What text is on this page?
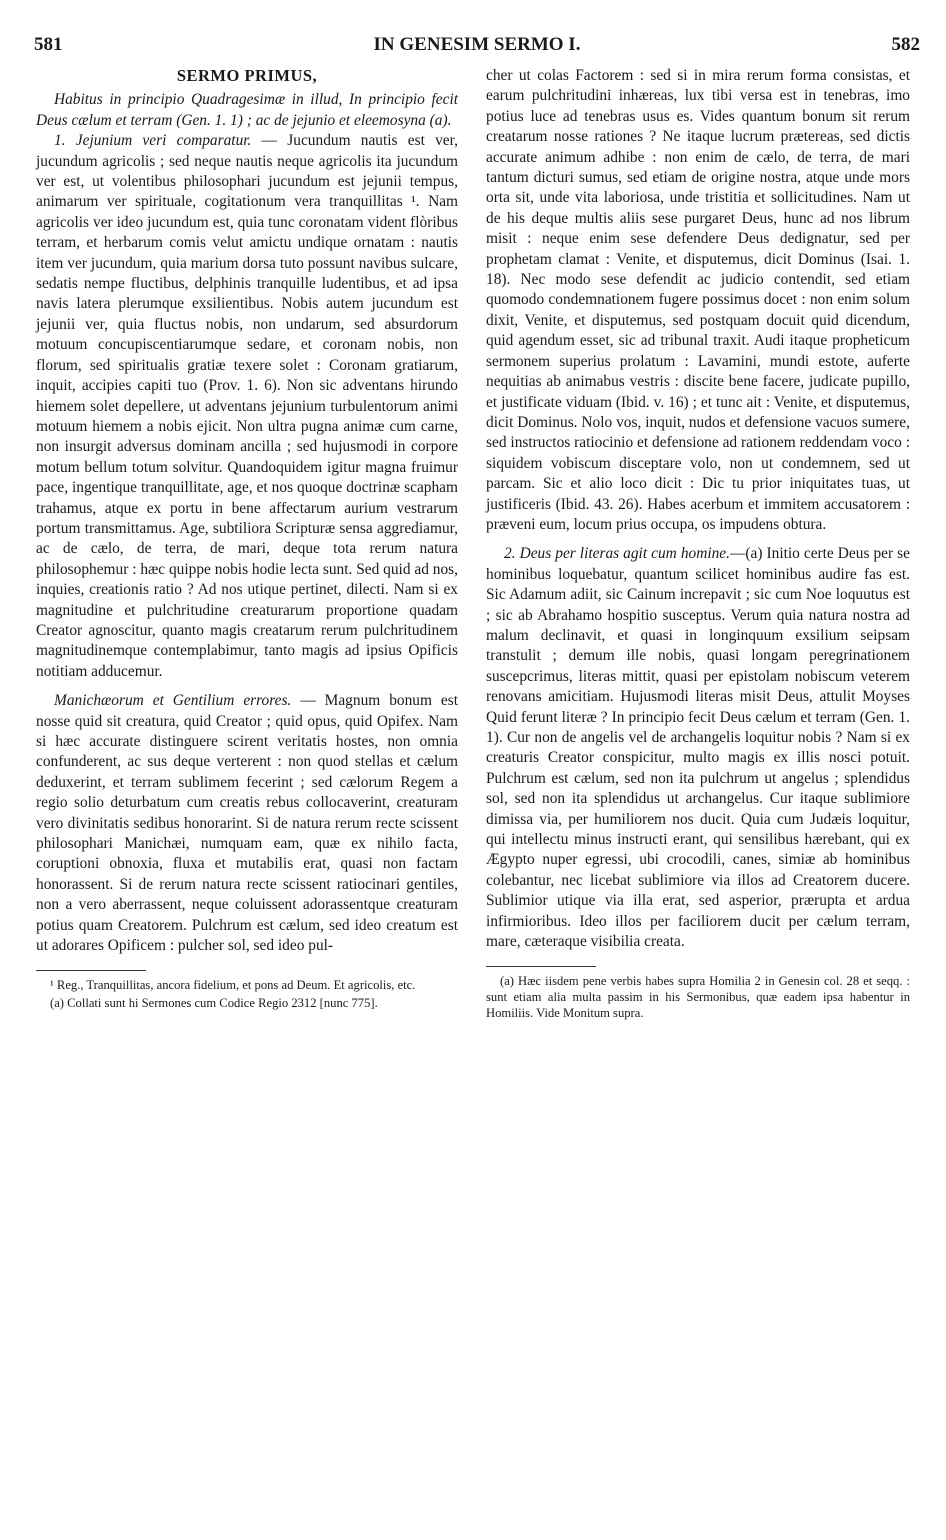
581	IN GENESIM SERMO I.	582
SERMO PRIMUS,

Habitus in principio Quadragesimæ in illud, In principio fecit Deus cælum et terram (Gen. 1. 1) ; ac de jejunio et eleemosyna (a).

1. Jejunium veri comparatur. — Jucundum nautis est ver, jucundum agricolis ; sed neque nautis neque agricolis ita jucundum ver est, ut volentibus philosophari jucundum est jejunii tempus, animarum ver spirituale, cogitationum vera tranquillitas ¹. Nam agricolis ver ideo jucundum est, quia tunc coronatam vident flòribus terram, et herbarum comis velut amictu undique ornatam : nautis item ver jucundum, quia marium dorsa tuto possunt navibus sulcare, sedatis nempe fluctibus, delphinis tranquille ludentibus, et ad ipsa navis latera plerumque exsilientibus. Nobis autem jucundum est jejunii ver, quia fluctus nobis, non undarum, sed absurdorum motuum concupiscentiarumque sedare, et coronam nobis, non florum, sed spiritualis gratiæ texere solet : Coronam gratiarum, inquit, accipies capiti tuo (Prov. 1. 6). Non sic adventans hirundo hiemem solet depellere, ut adventans jejunium turbulentorum animi motuum hiemem a nobis ejicit. Non ultra pugna animæ cum carne, non insurgit adversus dominam ancilla ; sed hujusmodi in corpore motum bellum totum solvitur. Quandoquidem igitur magna fruimur pace, ingentique tranquillitate, age, et nos quoque doctrinæ scapham trahamus, atque ex portu in bene affectarum aurium vestrarum portum transmittamus. Age, subtiliora Scripturæ sensa aggrediamur, ac de cælo, de terra, de mari, deque tota rerum natura philosophemur : hæc quippe nobis hodie lecta sunt. Sed quid ad nos, inquies, creationis ratio ? Ad nos utique pertinet, dilecti. Nam si ex magnitudine et pulchritudine creaturarum proportione quadam Creator agnoscitur, quanto magis creatarum rerum pulchritudinem magnitudinemque contemplabimur, tanto magis ad ipsius Opificis notitiam adducemur.

Manichæorum et Gentilium errores. — Magnum bonum est nosse quid sit creatura, quid Creator ; quid opus, quid Opifex. Nam si hæc accurate distinguere scirent veritatis hostes, non omnia confunderent, ac sus deque verterent : non quod stellas et cælum deduxerint, et terram sublimem fecerint ; sed cælorum Regem a regio solio deturbatum cum creatis rebus collocaverint, creaturam vero divinitatis sedibus honorarint. Si de natura rerum recte scissent philosophari Manichæi, numquam eam, quæ ex nihilo facta, coruptioni obnoxia, fluxa et mutabilis erat, quasi non factam honorassent. Si de rerum natura recte scissent ratiocinari gentiles, non a vero aberrassent, neque coluissent adorassentque creaturam potius quam Creatorem. Pulchrum est cælum, sed ideo creatum est ut adorares Opificem : pulcher sol, sed ideo pul-

¹ Reg., Tranquillitas, ancora fidelium, et pons ad Deum. Et agricolis, etc.

(a) Collati sunt hi Sermones cum Codice Regio 2312 [nunc 775].

cher ut colas Factorem : sed si in mira rerum forma consistas, et earum pulchritudini inhæreas, lux tibi versa est in tenebras, imo potius luce ad tenebras usus es. Vides quantum bonum sit rerum creatarum nosse rationes ? Ne itaque lucrum prætereas, sed dictis accurate animum adhibe : non enim de cælo, de terra, de mari tantum dicturi sumus, sed etiam de origine nostra, atque unde mors orta sit, unde vita laboriosa, unde tristitia et sollicitudines. Nam ut de his deque multis aliis sese purgaret Deus, hunc ad nos librum misit : neque enim sese defendere Deus dedignatur, sed per prophetam clamat : Venite, et disputemus, dicit Dominus (Isai. 1. 18). Nec modo sese defendit ac judicio contendit, sed etiam quomodo condemnationem fugere possimus docet : non enim solum dixit, Venite, et disputemus, sed postquam docuit quid dicendum, quid agendum esset, sic ad tribunal traxit. Audi itaque propheticum sermonem superius prolatum : Lavamini, mundi estote, auferte nequitias ab animabus vestris : discite bene facere, judicate pupillo, et justificate viduam (Ibid. v. 16) ; et tunc ait : Venite, et disputemus, dicit Dominus. Nolo vos, inquit, nudos et defensione vacuos sumere, sed instructos ratiocinio et defensione ad rationem reddendam voco : siquidem vobiscum disceptare volo, non ut condemnem, sed ut parcam. Sic et alio loco dicit : Dic tu prior iniquitates tuas, ut justificeris (Ibid. 43. 26). Habes acerbum et immitem accusatorem : præveni eum, locum prius occupa, os impudens obtura.

2. Deus per literas agit cum homine.—(a) Initio certe Deus per se hominibus loquebatur, quantum scilicet hominibus audire fas est. Sic Adamum adiit, sic Cainum increpavit ; sic cum Noe loquutus est ; sic ab Abrahamo hospitio susceptus. Verum quia natura nostra ad malum declinavit, et quasi in longinquum exsilium seipsam transtulit ; demum ille nobis, quasi longam peregrinationem suscepcrimus, literas mittit, quasi per epistolam nobiscum veterem renovans amicitiam. Hujusmodi literas misit Deus, attulit Moyses Quid ferunt literæ ? In principio fecit Deus cælum et terram (Gen. 1. 1). Cur non de angelis vel de archangelis loquitur nobis ? Nam si ex creaturis Creator conspicitur, multo magis ex illis nosci potuit. Pulchrum est cælum, sed non ita pulchrum ut angelus ; splendidus sol, sed non ita splendidus ut archangelus. Cur itaque sublimiore dimissa via, per humiliorem nos ducit. Quia cum Judæis loquitur, qui intellectu minus instructi erant, qui sensilibus hærebant, qui ex Ægypto nuper egressi, ubi crocodili, canes, simiæ ab hominibus colebantur, nec licebat sublimiore via illos ad Creatorem ducere. Sublimior utique via illa erat, sed asperior, prærupta et ardua infirmioribus. Ideo illos per faciliorem ducit per cælum terram, mare, cæteraque visibilia creata.

(a) Hæc iisdem pene verbis habes supra Homilia 2 in Genesin col. 28 et seqq. : sunt etiam alia multa passim in his Sermonibus, quæ eadem ipsa habentur in Homiliis. Vide Monitum supra.
